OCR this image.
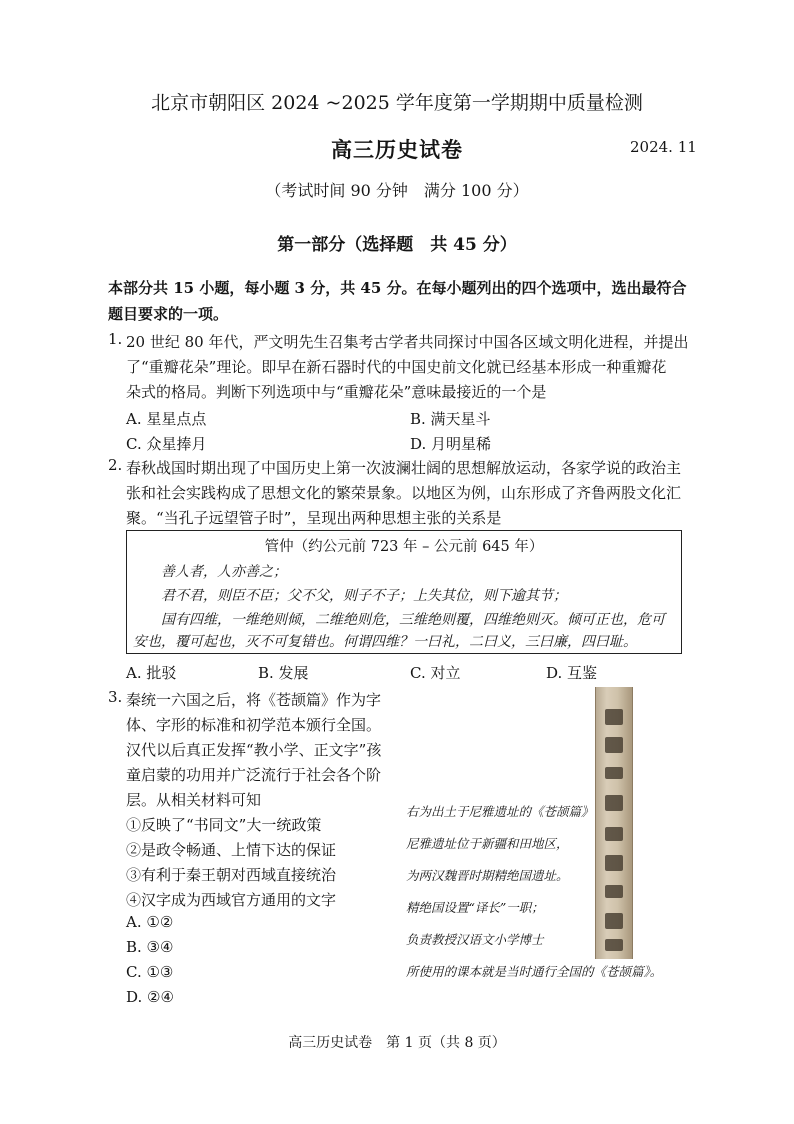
北京市朝阳区 2024 ~2025 学年度第一学期期中质量检测
高三历史试卷	2024. 11
（考试时间 90 分钟　满分 100 分）
第一部分（选择题　共 45 分）
本部分共 15 小题，每小题 3 分，共 45 分。在每小题列出的四个选项中，选出最符合
题目要求的一项。
1. 20 世纪 80 年代，严文明先生召集考古学者共同探讨中国各区域文明化进程，并提出
了“重瓣花朵”理论。即早在新石器时代的中国史前文化就已经基本形成一种重瓣花
朵式的格局。判断下列选项中与“重瓣花朵”意味最接近的一个是
A. 星星点点	B. 满天星斗
C. 众星捧月	D. 月明星稀
2. 春秋战国时期出现了中国历史上第一次波澜壮阔的思想解放运动，各家学说的政治主
张和社会实践构成了思想文化的繁荣景象。以地区为例，山东形成了齐鲁两股文化汇
聚。“当孔子远望管子时”，呈现出两种思想主张的关系是
管仲（约公元前 723 年 – 公元前 645 年）
善人者，人亦善之；
君不君，则臣不臣；父不父，则子不子；上失其位，则下逾其节；
国有四维，一维绝则倾，二维绝则危，三维绝则覆，四维绝则灭。倾可正也，危可
安也，覆可起也，灭不可复错也。何谓四维？一曰礼，二曰义，三曰廉，四曰耻。
A. 批驳	B. 发展	C. 对立	D. 互鉴
3. 秦统一六国之后，将《苍颉篇》作为字
体、字形的标准和初学范本颁行全国。
汉代以后真正发挥“教小学、正文字”孩
童启蒙的功用并广泛流行于社会各个阶
层。从相关材料可知
①反映了“书同文”大一统政策
②是政令畅通、上情下达的保证
③有利于秦王朝对西域直接统治
④汉字成为西域官方通用的文字
A. ①②
B. ③④
C. ①③
D. ②④
右为出土于尼雅遗址的《苍颉篇》
尼雅遗址位于新疆和田地区，
为两汉魏晋时期精绝国遗址。
精绝国设置“译长”一职；
负责教授汉语文小学博士
所使用的课本就是当时通行全国的《苍颉篇》。
高三历史试卷　第 1 页（共 8 页）
